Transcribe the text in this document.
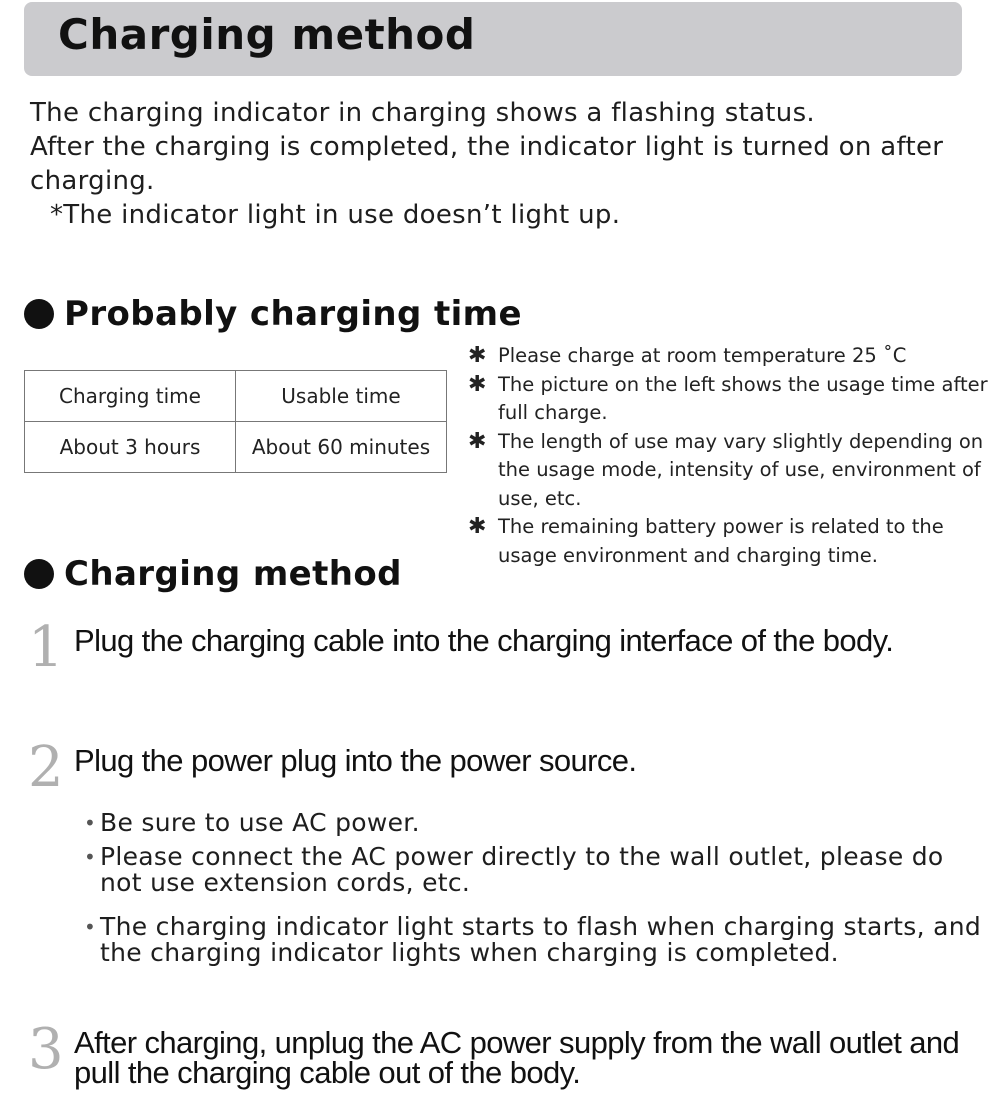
Charging method
The charging indicator in charging shows a flashing status.
After the charging is completed, the indicator light is turned on after charging.
*The indicator light in use doesn’t light up.
Probably charging time
Charging time	Usable time
About 3 hours	About 60 minutes
✱ Please charge at room temperature 25 ˚C
✱ The picture on the left shows the usage time after full charge.
✱ The length of use may vary slightly depending on the usage mode, intensity of use, environment of use, etc.
✱ The remaining battery power is related to the usage environment and charging time.
Charging method
1 Plug the charging cable into the charging interface of the body.
2 Plug the power plug into the power source.
• Be sure to use AC power.
• Please connect the AC power directly to the wall outlet, please do not use extension cords, etc.
• The charging indicator light starts to flash when charging starts, and the charging indicator lights when charging is completed.
3 After charging, unplug the AC power supply from the wall outlet and pull the charging cable out of the body.
